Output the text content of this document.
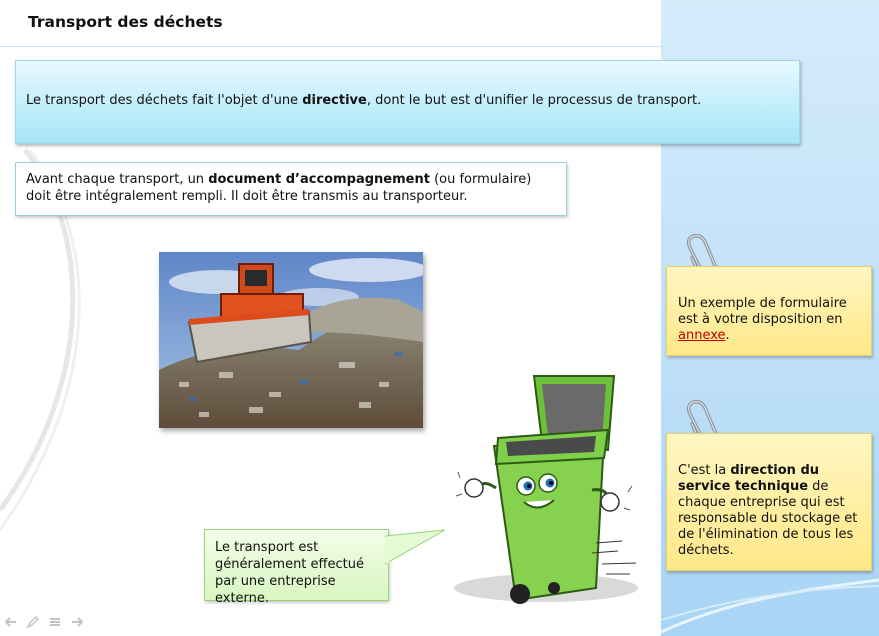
Transport des déchets

Le transport des déchets fait l'objet d'une directive, dont le but est d'unifier le processus de transport.

Avant chaque transport, un document d’accompagnement (ou formulaire) doit être intégralement rempli. Il doit être transmis au transporteur.
Le transport est généralement effectué par une entreprise externe.
Un exemple de formulaire est à votre disposition en annexe.
C'est la direction du service technique de chaque entreprise qui est responsable du stockage et de l'élimination de tous les déchets.
